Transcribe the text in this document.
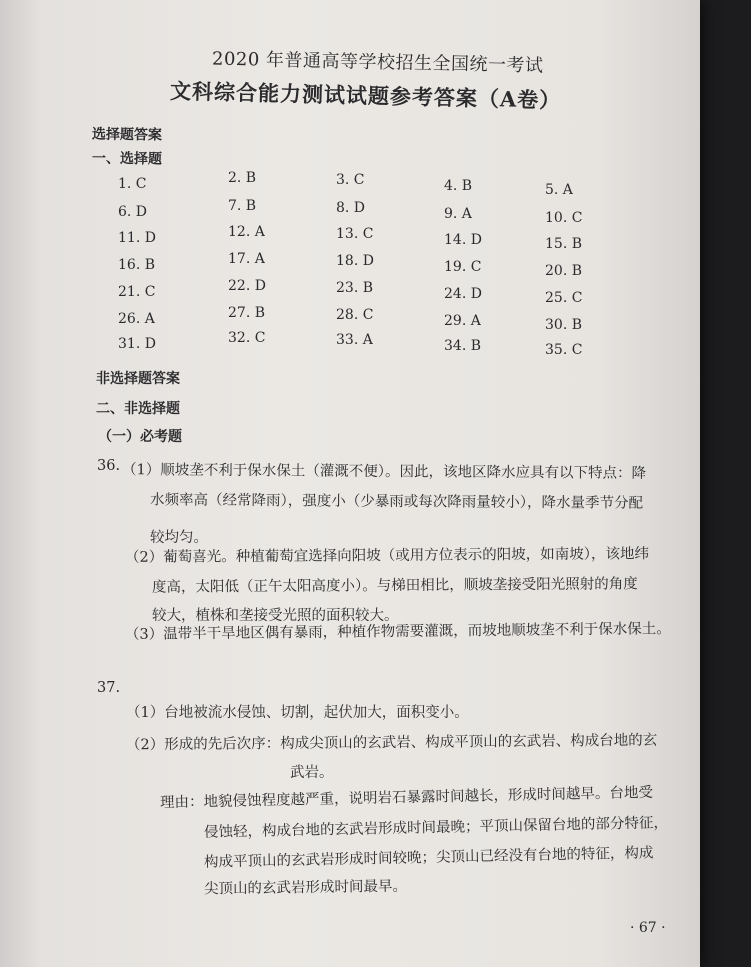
2020 年普通高等学校招生全国统一考试
文科综合能力测试试题参考答案（A卷）
选择题答案
一、选择题
1. C	2. B	3. C	4. B	5. A
6. D	7. B	8. D	9. A	10. C
11. D	12. A	13. C	14. D	15. B
16. B	17. A	18. D	19. C	20. B
21. C	22. D	23. B	24. D	25. C
26. A	27. B	28. C	29. A	30. B
31. D	32. C	33. A	34. B	35. C
非选择题答案
二、非选择题
（一）必考题
36. （1）顺坡垄不利于保水保土（灌溉不便）。因此，该地区降水应具有以下特点：降
水频率高（经常降雨），强度小（少暴雨或每次降雨量较小），降水量季节分配
较均匀。
（2）葡萄喜光。种植葡萄宜选择向阳坡（或用方位表示的阳坡，如南坡），该地纬
度高，太阳低（正午太阳高度小）。与梯田相比，顺坡垄接受阳光照射的角度
较大，植株和垄接受光照的面积较大。
（3）温带半干旱地区偶有暴雨，种植作物需要灌溉，而坡地顺坡垄不利于保水保土。
37.
（1）台地被流水侵蚀、切割，起伏加大，面积变小。
（2）形成的先后次序：构成尖顶山的玄武岩、构成平顶山的玄武岩、构成台地的玄
武岩。
理由：地貌侵蚀程度越严重，说明岩石暴露时间越长，形成时间越早。台地受
侵蚀轻，构成台地的玄武岩形成时间最晚；平顶山保留台地的部分特征，
构成平顶山的玄武岩形成时间较晚；尖顶山已经没有台地的特征，构成
尖顶山的玄武岩形成时间最早。
· 67 ·
